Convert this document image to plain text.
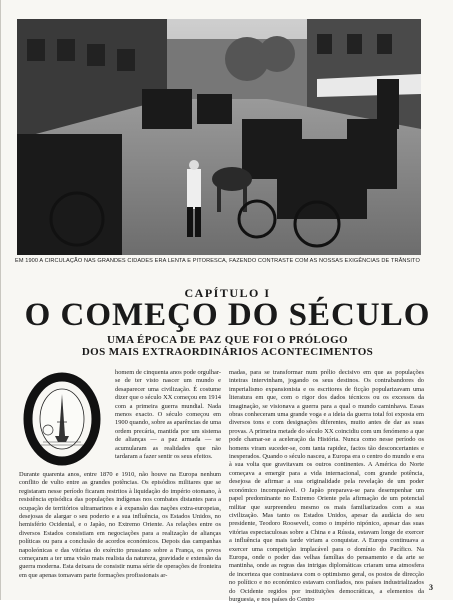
EM 1900 A CIRCULAÇÃO NAS GRANDES CIDADES ERA LENTA E PITORESCA, FAZENDO CONTRASTE COM AS NOSSAS EXIGÊNCIAS DE TRÂNSITO
CAPÍTULO I
O COMEÇO DO SÉCULO
UMA ÉPOCA DE PAZ QUE FOI O PRÓLOGO
DOS MAIS EXTRAORDINÁRIOS ACONTECIMENTOS
homem de cinquenta anos pode orgulhar-se de ter visto nascer um mundo e desaparecer uma civilização. É costume dizer que o século XX começou em 1914 com a primeira guerra mundial. Nada menos exacto. O século começou em 1900 quando, sobre as aparências de uma ordem precária, mantida por um sistema de alianças — a paz armada — se acumularam as realidades que não tardaram a fazer sentir os seus efeitos.
Durante quarenta anos, entre 1870 e 1910, não houve na Europa nenhum conflito de vulto entre as grandes potências. Os episódios militares que se registaram nesse período ficaram restritos à liquidação do império otomano, à resistência episódica das populações indígenas nos combates distantes para a ocupação de territórios ultramarinos e à expansão das nações extra-europeias, desejosas de alargar o seu poderio e a sua influência, os Estados Unidos, no hemisfério Ocidental, e o Japão, no Extremo Oriente. As relações entre os diversos Estados consistiam em negociações para a realização de alianças políticas ou para a conclusão de acordos económicos. Depois das campanhas napoleónicas e das vitórias do exército prussiano sobre a França, os povos começaram a ter uma visão mais realista da natureza, gravidade e extensão da guerra moderna. Esta deixara de consistir numa série de operações de fronteira em que apenas tomavam parte formações profissionais ar-
madas, para se transformar num prélio decisivo em que as populações inteiras intervinham, jogando os seus destinos. Os contrabandores do imperialismo expansionista e os escritores de ficção popularizavam uma literatura em que, com o rigor dos dados técnicos ou os excessos da imaginação, se visionava a guerra para a qual o mundo caminhava. Essas obras conheceram uma grande voga e a ideia da guerra total foi exposta em diversos tons e com designações diferentes, muito antes de dar as suas provas. A primeira metade do século XX coincidiu com um fenómeno a que pode chamar-se a aceleração da História. Nunca como nesse período os homens viram suceder-se, com tanta rapidez, factos tão desconcertantes e inesperados. Quando o século nasceu, a Europa era o centro do mundo e era à sua volta que gravitavam os outros continentes. A América do Norte começava a emergir para a vida internacional, com grande potência, desejosa de afirmar a sua originalidade pela revelação de um poder económico incomparável. O Japão preparava-se para desempenhar um papel predominante no Extremo Oriente pela afirmação de um potencial militar que surpreendeu mesmo os mais familiarizados com a sua civilização. Mas tanto os Estados Unidos, apesar da audácia do seu presidente, Teodoro Roosevelt, como o império nipónico, apesar das suas vitórias espectaculosas sobre a China e a Rússia, estavam longe de exercer a influência que mais tarde viriam a conquistar. A Europa continuava a exercer uma competição implacável para o domínio do Pacífico. Na Europa, onde o poder das velhas famílias do pensamento e da arte se mantinha, onde as regras das intrigas diplomáticas criaram uma atmosfera de incerteza que contrastava com o optimismo geral, os postos de direcção no político e no económico estavam confiados, nos países industrializados do Ocidente regidos por instituições democráticas, a elementos da burguesia, e nos países do Centro
3
